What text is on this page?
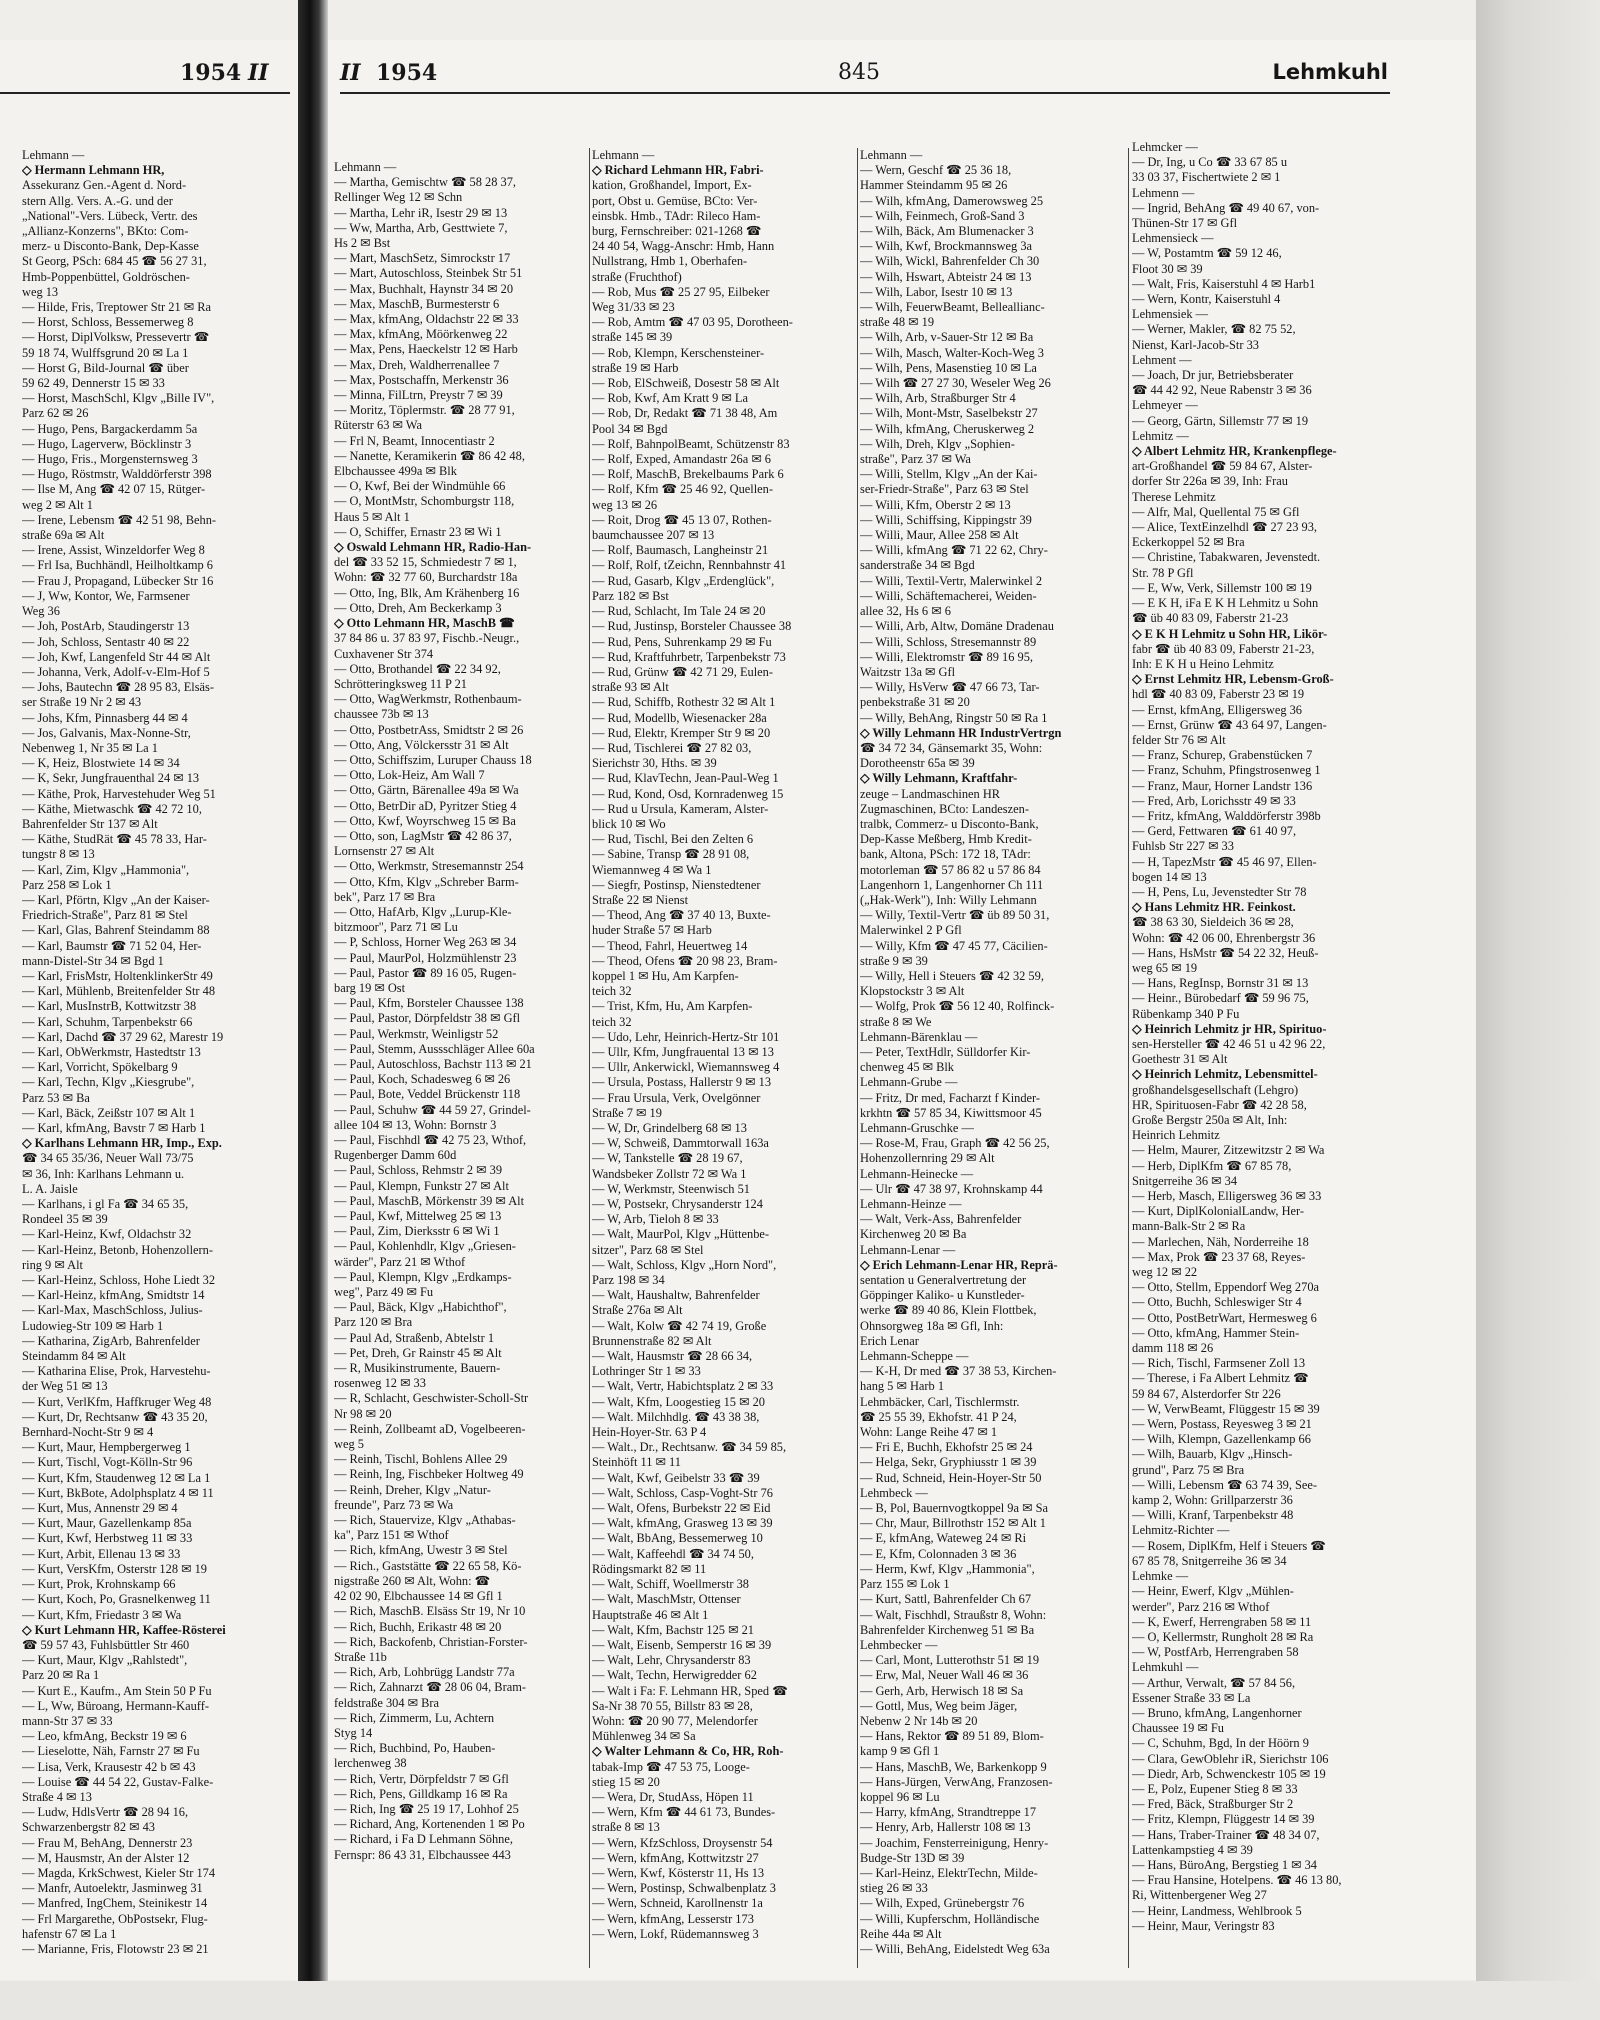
1954 II	II 1954	845	Lehmkuhl

Lehmann —

◇ Hermann Lehmann HR,

Assekuranz Gen.-Agent d. Nord-

stern Allg. Vers. A.-G. und der

„National"-Vers. Lübeck, Vertr. des

„Allianz-Konzerns", BKto: Com-

merz- u Disconto-Bank, Dep-Kasse

St Georg, PSch: 684 45 ☎ 56 27 31,

Hmb-Poppenbüttel, Goldröschen-

weg 13

— Hilde, Fris, Treptower Str 21 ✉ Ra

— Horst, Schloss, Bessemerweg 8

— Horst, DiplVolksw, Pressevertr ☎

59 18 74, Wulffsgrund 20 ✉ La 1

— Horst G, Bild-Journal ☎ über

59 62 49, Dennerstr 15 ✉ 33

— Horst, MaschSchl, Klgv „Bille IV",

Parz 62 ✉ 26

— Hugo, Pens, Bargackerdamm 5a

— Hugo, Lagerverw, Böcklinstr 3

— Hugo, Fris., Morgensternsweg 3

— Hugo, Röstmstr, Walddörferstr 398

— Ilse M, Ang ☎ 42 07 15, Rütger-

weg 2 ✉ Alt 1

— Irene, Lebensm ☎ 42 51 98, Behn-

straße 69a ✉ Alt

— Irene, Assist, Winzeldorfer Weg 8

— Frl Isa, Buchhändl, Heilholtkamp 6

— Frau J, Propagand, Lübecker Str 16

— J, Ww, Kontor, We, Farmsener

Weg 36

— Joh, PostArb, Staudingerstr 13

— Joh, Schloss, Sentastr 40 ✉ 22

— Joh, Kwf, Langenfeld Str 44 ✉ Alt

— Johanna, Verk, Adolf-v-Elm-Hof 5

— Johs, Bautechn ☎ 28 95 83, Elsäs-

ser Straße 19 Nr 2 ✉ 43

— Johs, Kfm, Pinnasberg 44 ✉ 4

— Jos, Galvanis, Max-Nonne-Str,

Nebenweg 1, Nr 35 ✉ La 1

— K, Heiz, Blostwiete 14 ✉ 34

— K, Sekr, Jungfrauenthal 24 ✉ 13

— Käthe, Prok, Harvestehuder Weg 51

— Käthe, Mietwaschk ☎ 42 72 10,

Bahrenfelder Str 137 ✉ Alt

— Käthe, StudRät ☎ 45 78 33, Har-

tungstr 8 ✉ 13

— Karl, Zim, Klgv „Hammonia",

Parz 258 ✉ Lok 1

— Karl, Pförtn, Klgv „An der Kaiser-

Friedrich-Straße", Parz 81 ✉ Stel

— Karl, Glas, Bahrenf Steindamm 88

— Karl, Baumstr ☎ 71 52 04, Her-

mann-Distel-Str 34 ✉ Bgd 1

— Karl, FrisMstr, HoltenklinkerStr 49

— Karl, Mühlenb, Breitenfelder Str 48

— Karl, MusInstrB, Kottwitzstr 38

— Karl, Schuhm, Tarpenbekstr 66

— Karl, Dachd ☎ 37 29 62, Marestr 19

— Karl, ObWerkmstr, Hastedtstr 13

— Karl, Vorricht, Spökelbarg 9

— Karl, Techn, Klgv „Kiesgrube",

Parz 53 ✉ Ba

— Karl, Bäck, Zeißstr 107 ✉ Alt 1

— Karl, kfmAng, Bavstr 7 ✉ Harb 1

◇ Karlhans Lehmann HR, Imp., Exp.

☎ 34 65 35/36, Neuer Wall 73/75

✉ 36, Inh: Karlhans Lehmann u.

L. A. Jaisle

— Karlhans, i gl Fa ☎ 34 65 35,

Rondeel 35 ✉ 39

— Karl-Heinz, Kwf, Oldachstr 32

— Karl-Heinz, Betonb, Hohenzollern-

ring 9 ✉ Alt

— Karl-Heinz, Schloss, Hohe Liedt 32

— Karl-Heinz, kfmAng, Smidtstr 14

— Karl-Max, MaschSchloss, Julius-

Ludowieg-Str 109 ✉ Harb 1

— Katharina, ZigArb, Bahrenfelder

Steindamm 84 ✉ Alt

— Katharina Elise, Prok, Harvestehu-

der Weg 51 ✉ 13

— Kurt, VerlKfm, Haffkruger Weg 48

— Kurt, Dr, Rechtsanw ☎ 43 35 20,

Bernhard-Nocht-Str 9 ✉ 4

— Kurt, Maur, Hempbergerweg 1

— Kurt, Tischl, Vogt-Kölln-Str 96

— Kurt, Kfm, Staudenweg 12 ✉ La 1

— Kurt, BkBote, Adolphsplatz 4 ✉ 11

— Kurt, Mus, Annenstr 29 ✉ 4

— Kurt, Maur, Gazellenkamp 85a

— Kurt, Kwf, Herbstweg 11 ✉ 33

— Kurt, Arbit, Ellenau 13 ✉ 33

— Kurt, VersKfm, Osterstr 128 ✉ 19

— Kurt, Prok, Krohnskamp 66

— Kurt, Koch, Po, Grasnelkenweg 11

— Kurt, Kfm, Friedastr 3 ✉ Wa

◇ Kurt Lehmann HR, Kaffee-Rösterei

☎ 59 57 43, Fuhlsbüttler Str 460

— Kurt, Maur, Klgv „Rahlstedt",

Parz 20 ✉ Ra 1

— Kurt E., Kaufm., Am Stein 50 P Fu

— L, Ww, Büroang, Hermann-Kauff-

mann-Str 37 ✉ 33

— Leo, kfmAng, Beckstr 19 ✉ 6

— Lieselotte, Näh, Farnstr 27 ✉ Fu

— Lisa, Verk, Krausestr 42 b ✉ 43

— Louise ☎ 44 54 22, Gustav-Falke-

Straße 4 ✉ 13

— Ludw, HdlsVertr ☎ 28 94 16,

Schwarzenbergstr 82 ✉ 43

— Frau M, BehAng, Dennerstr 23

— M, Hausmstr, An der Alster 12

— Magda, KrkSchwest, Kieler Str 174

— Manfr, Autoelektr, Jasminweg 31

— Manfred, IngChem, Steinikestr 14

— Frl Margarethe, ObPostsekr, Flug-

hafenstr 67 ✉ La 1

— Marianne, Fris, Flotowstr 23 ✉ 21

Lehmann —

— Martha, Gemischtw ☎ 58 28 37,

Rellinger Weg 12 ✉ Schn

— Martha, Lehr iR, Isestr 29 ✉ 13

— Ww, Martha, Arb, Gesttwiete 7,

Hs 2 ✉ Bst

— Mart, MaschSetz, Simrockstr 17

— Mart, Autoschloss, Steinbek Str 51

— Max, Buchhalt, Haynstr 34 ✉ 20

— Max, MaschB, Burmesterstr 6

— Max, kfmAng, Oldachstr 22 ✉ 33

— Max, kfmAng, Möörkenweg 22

— Max, Pens, Haeckelstr 12 ✉ Harb

— Max, Dreh, Waldherrenallee 7

— Max, Postschaffn, Merkenstr 36

— Minna, FilLtrn, Preystr 7 ✉ 39

— Moritz, Töplermstr. ☎ 28 77 91,

Rüterstr 63 ✉ Wa

— Frl N, Beamt, Innocentiastr 2

— Nanette, Keramikerin ☎ 86 42 48,

Elbchaussee 499a ✉ Blk

— O, Kwf, Bei der Windmühle 66

— O, MontMstr, Schomburgstr 118,

Haus 5 ✉ Alt 1

— O, Schiffer, Ernastr 23 ✉ Wi 1

◇ Oswald Lehmann HR, Radio-Han-

del ☎ 33 52 15, Schmiedestr 7 ✉ 1,

Wohn: ☎ 32 77 60, Burchardstr 18a

— Otto, Ing, Blk, Am Krähenberg 16

— Otto, Dreh, Am Beckerkamp 3

◇ Otto Lehmann HR, MaschB ☎

37 84 86 u. 37 83 97, Fischb.-Neugr.,

Cuxhavener Str 374

— Otto, Brothandel ☎ 22 34 92,

Schrötteringksweg 11 P 21

— Otto, WagWerkmstr, Rothenbaum-

chaussee 73b ✉ 13

— Otto, PostbetrAss, Smidtstr 2 ✉ 26

— Otto, Ang, Völckersstr 31 ✉ Alt

— Otto, Schiffszim, Luruper Chauss 18

— Otto, Lok-Heiz, Am Wall 7

— Otto, Gärtn, Bärenallee 49a ✉ Wa

— Otto, BetrDir aD, Pyritzer Stieg 4

— Otto, Kwf, Woyrschweg 15 ✉ Ba

— Otto, son, LagMstr ☎ 42 86 37,

Lornsenstr 27 ✉ Alt

— Otto, Werkmstr, Stresemannstr 254

— Otto, Kfm, Klgv „Schreber Barm-

bek", Parz 17 ✉ Bra

— Otto, HafArb, Klgv „Lurup-Kle-

bitzmoor", Parz 71 ✉ Lu

— P, Schloss, Horner Weg 263 ✉ 34

— Paul, MaurPol, Holzmühlenstr 23

— Paul, Pastor ☎ 89 16 05, Rugen-

barg 19 ✉ Ost

— Paul, Kfm, Borsteler Chaussee 138

— Paul, Pastor, Dörpfeldstr 38 ✉ Gfl

— Paul, Werkmstr, Weinligstr 52

— Paul, Stemm, Aussschläger Allee 60a

— Paul, Autoschloss, Bachstr 113 ✉ 21

— Paul, Koch, Schadesweg 6 ✉ 26

— Paul, Bote, Veddel Brückenstr 118

— Paul, Schuhw ☎ 44 59 27, Grindel-

allee 104 ✉ 13, Wohn: Bornstr 3

— Paul, Fischhdl ☎ 42 75 23, Wthof,

Rugenberger Damm 60d

— Paul, Schloss, Rehmstr 2 ✉ 39

— Paul, Klempn, Funkstr 27 ✉ Alt

— Paul, MaschB, Mörkenstr 39 ✉ Alt

— Paul, Kwf, Mittelweg 25 ✉ 13

— Paul, Zim, Dierksstr 6 ✉ Wi 1

— Paul, Kohlenhdlr, Klgv „Griesen-

wärder", Parz 21 ✉ Wthof

— Paul, Klempn, Klgv „Erdkamps-

weg", Parz 49 ✉ Fu

— Paul, Bäck, Klgv „Habichthof",

Parz 120 ✉ Bra

— Paul Ad, Straßenb, Abtelstr 1

— Pet, Dreh, Gr Rainstr 45 ✉ Alt

— R, Musikinstrumente, Bauern-

rosenweg 12 ✉ 33

— R, Schlacht, Geschwister-Scholl-Str

Nr 98 ✉ 20

— Reinh, Zollbeamt aD, Vogelbeeren-

weg 5

— Reinh, Tischl, Bohlens Allee 29

— Reinh, Ing, Fischbeker Holtweg 49

— Reinh, Dreher, Klgv „Natur-

freunde", Parz 73 ✉ Wa

— Rich, Stauervize, Klgv „Athabas-

ka", Parz 151 ✉ Wthof

— Rich, kfmAng, Uwestr 3 ✉ Stel

— Rich., Gaststätte ☎ 22 65 58, Kö-

nigstraße 260 ✉ Alt, Wohn: ☎

42 02 90, Elbchaussee 14 ✉ Gfl 1

— Rich, MaschB. Elsäss Str 19, Nr 10

— Rich, Buchh, Erikastr 48 ✉ 20

— Rich, Backofenb, Christian-Forster-

Straße 11b

— Rich, Arb, Lohbrügg Landstr 77a

— Rich, Zahnarzt ☎ 28 06 04, Bram-

feldstraße 304 ✉ Bra

— Rich, Zimmerm, Lu, Achtern

Styg 14

— Rich, Buchbind, Po, Hauben-

lerchenweg 38

— Rich, Vertr, Dörpfeldstr 7 ✉ Gfl

— Rich, Pens, Gilldkamp 16 ✉ Ra

— Rich, Ing ☎ 25 19 17, Lohhof 25

— Richard, Ang, Kortenenden 1 ✉ Po

— Richard, i Fa D Lehmann Söhne,

Fernspr: 86 43 31, Elbchaussee 443

Lehmann —

◇ Richard Lehmann HR, Fabri-

kation, Großhandel, Import, Ex-

port, Obst u. Gemüse, BCto: Ver-

einsbk. Hmb., TAdr: Rileco Ham-

burg, Fernschreiber: 021-1268 ☎

24 40 54, Wagg-Anschr: Hmb, Hann

Nullstrang, Hmb 1, Oberhafen-

straße (Fruchthof)

— Rob, Mus ☎ 25 27 95, Eilbeker

Weg 31/33 ✉ 23

— Rob, Amtm ☎ 47 03 95, Dorotheen-

straße 145 ✉ 39

— Rob, Klempn, Kerschensteiner-

straße 19 ✉ Harb

— Rob, ElSchweiß, Dosestr 58 ✉ Alt

— Rob, Kwf, Am Kratt 9 ✉ La

— Rob, Dr, Redakt ☎ 71 38 48, Am

Pool 34 ✉ Bgd

— Rolf, BahnpolBeamt, Schützenstr 83

— Rolf, Exped, Amandastr 26a ✉ 6

— Rolf, MaschB, Brekelbaums Park 6

— Rolf, Kfm ☎ 25 46 92, Quellen-

weg 13 ✉ 26

— Roit, Drog ☎ 45 13 07, Rothen-

baumchaussee 207 ✉ 13

— Rolf, Baumasch, Langheinstr 21

— Rolf, Rolf, tZeichn, Rennbahnstr 41

— Rud, Gasarb, Klgv „Erdenglück",

Parz 182 ✉ Bst

— Rud, Schlacht, Im Tale 24 ✉ 20

— Rud, Justinsp, Borsteler Chaussee 38

— Rud, Pens, Suhrenkamp 29 ✉ Fu

— Rud, Kraftfuhrbetr, Tarpenbekstr 73

— Rud, Grünw ☎ 42 71 29, Eulen-

straße 93 ✉ Alt

— Rud, Schiffb, Rothestr 32 ✉ Alt 1

— Rud, Modellb, Wiesenacker 28a

— Rud, Elektr, Kremper Str 9 ✉ 20

— Rud, Tischlerei ☎ 27 82 03,

Sierichstr 30, Hths. ✉ 39

— Rud, KlavTechn, Jean-Paul-Weg 1

— Rud, Kond, Osd, Kornradenweg 15

— Rud u Ursula, Kameram, Alster-

blick 10 ✉ Wo

— Rud, Tischl, Bei den Zelten 6

— Sabine, Transp ☎ 28 91 08,

Wiemannweg 4 ✉ Wa 1

— Siegfr, Postinsp, Nienstedtener

Straße 22 ✉ Nienst

— Theod, Ang ☎ 37 40 13, Buxte-

huder Straße 57 ✉ Harb

— Theod, Fahrl, Heuertweg 14

— Theod, Ofens ☎ 20 98 23, Bram-

koppel 1 ✉ Hu, Am Karpfen-

teich 32

— Trist, Kfm, Hu, Am Karpfen-

teich 32

— Udo, Lehr, Heinrich-Hertz-Str 101

— Ullr, Kfm, Jungfrauental 13 ✉ 13

— Ullr, Ankerwickl, Wiemannsweg 4

— Ursula, Postass, Hallerstr 9 ✉ 13

— Frau Ursula, Verk, Ovelgönner

Straße 7 ✉ 19

— W, Dr, Grindelberg 68 ✉ 13

— W, Schweiß, Dammtorwall 163a

— W, Tankstelle ☎ 28 19 67,

Wandsbeker Zollstr 72 ✉ Wa 1

— W, Werkmstr, Steenwisch 51

— W, Postsekr, Chrysanderstr 124

— W, Arb, Tieloh 8 ✉ 33

— Walt, MaurPol, Klgv „Hüttenbe-

sitzer", Parz 68 ✉ Stel

— Walt, Schloss, Klgv „Horn Nord",

Parz 198 ✉ 34

— Walt, Haushaltw, Bahrenfelder

Straße 276a ✉ Alt

— Walt, Kolw ☎ 42 74 19, Große

Brunnenstraße 82 ✉ Alt

— Walt, Hausmstr ☎ 28 66 34,

Lothringer Str 1 ✉ 33

— Walt, Vertr, Habichtsplatz 2 ✉ 33

— Walt, Kfm, Loogestieg 15 ✉ 20

— Walt. Milchhdlg. ☎ 43 38 38,

Hein-Hoyer-Str. 63 P 4

— Walt., Dr., Rechtsanw. ☎ 34 59 85,

Steinhöft 11 ✉ 11

— Walt, Kwf, Geibelstr 33 ☎ 39

— Walt, Schloss, Casp-Voght-Str 76

— Walt, Ofens, Burbekstr 22 ✉ Eid

— Walt, kfmAng, Grasweg 13 ✉ 39

— Walt, BbAng, Bessemerweg 10

— Walt, Kaffeehdl ☎ 34 74 50,

Rödingsmarkt 82 ✉ 11

— Walt, Schiff, Woellmerstr 38

— Walt, MaschMstr, Ottenser

Hauptstraße 46 ✉ Alt 1

— Walt, Kfm, Bachstr 125 ✉ 21

— Walt, Eisenb, Semperstr 16 ✉ 39

— Walt, Lehr, Chrysanderstr 83

— Walt, Techn, Herwigredder 62

— Walt i Fa: F. Lehmann HR, Sped ☎

Sa-Nr 38 70 55, Billstr 83 ✉ 28,

Wohn: ☎ 20 90 77, Melendorfer

Mühlenweg 34 ✉ Sa

◇ Walter Lehmann & Co, HR, Roh-

tabak-Imp ☎ 47 53 75, Looge-

stieg 15 ✉ 20

— Wera, Dr, StudAss, Höpen 11

— Wern, Kfm ☎ 44 61 73, Bundes-

straße 8 ✉ 13

— Wern, KfzSchloss, Droysenstr 54

— Wern, kfmAng, Kottwitzstr 27

— Wern, Kwf, Kösterstr 11, Hs 13

— Wern, Postinsp, Schwalbenplatz 3

— Wern, Schneid, Karollnenstr 1a

— Wern, kfmAng, Lesserstr 173

— Wern, Lokf, Rüdemannsweg 3

Lehmann —

— Wern, Geschf ☎ 25 36 18,

Hammer Steindamm 95 ✉ 26

— Wilh, kfmAng, Damerowsweg 25

— Wilh, Feinmech, Groß-Sand 3

— Wilh, Bäck, Am Blumenacker 3

— Wilh, Kwf, Brockmannsweg 3a

— Wilh, Wickl, Bahrenfelder Ch 30

— Wilh, Hswart, Abteistr 24 ✉ 13

— Wilh, Labor, Isestr 10 ✉ 13

— Wilh, FeuerwBeamt, Belleallianc-

straße 48 ✉ 19

— Wilh, Arb, v-Sauer-Str 12 ✉ Ba

— Wilh, Masch, Walter-Koch-Weg 3

— Wilh, Pens, Masenstieg 10 ✉ La

— Wilh ☎ 27 27 30, Weseler Weg 26

— Wilh, Arb, Straßburger Str 4

— Wilh, Mont-Mstr, Saselbekstr 27

— Wilh, kfmAng, Cheruskerweg 2

— Wilh, Dreh, Klgv „Sophien-

straße", Parz 37 ✉ Wa

— Willi, Stellm, Klgv „An der Kai-

ser-Friedr-Straße", Parz 63 ✉ Stel

— Willi, Kfm, Oberstr 2 ✉ 13

— Willi, Schiffsing, Kippingstr 39

— Willi, Maur, Allee 258 ✉ Alt

— Willi, kfmAng ☎ 71 22 62, Chry-

sanderstraße 34 ✉ Bgd

— Willi, Textil-Vertr, Malerwinkel 2

— Willi, Schäftemacherei, Weiden-

allee 32, Hs 6 ✉ 6

— Willi, Arb, Altw, Domäne Dradenau

— Willi, Schloss, Stresemannstr 89

— Willi, Elektromstr ☎ 89 16 95,

Waitzstr 13a ✉ Gfl

— Willy, HsVerw ☎ 47 66 73, Tar-

penbekstraße 31 ✉ 20

— Willy, BehAng, Ringstr 50 ✉ Ra 1

◇ Willy Lehmann HR IndustrVertrgn

☎ 34 72 34, Gänsemarkt 35, Wohn:

Dorotheenstr 65a ✉ 39

◇ Willy Lehmann, Kraftfahr-

zeuge – Landmaschinen HR

Zugmaschinen, BCto: Landeszen-

tralbk, Commerz- u Disconto-Bank,

Dep-Kasse Meßberg, Hmb Kredit-

bank, Altona, PSch: 172 18, TAdr:

motorleman ☎ 57 86 82 u 57 86 84

Langenhorn 1, Langenhorner Ch 111

(„Hak-Werk"), Inh: Willy Lehmann

— Willy, Textil-Vertr ☎ üb 89 50 31,

Malerwinkel 2 P Gfl

— Willy, Kfm ☎ 47 45 77, Cäcilien-

straße 9 ✉ 39

— Willy, Hell i Steuers ☎ 42 32 59,

Klopstockstr 3 ✉ Alt

— Wolfg, Prok ☎ 56 12 40, Rolfinck-

straße 8 ✉ We

Lehmann-Bärenklau —

— Peter, TextHdlr, Sülldorfer Kir-

chenweg 45 ✉ Blk

Lehmann-Grube —

— Fritz, Dr med, Facharzt f Kinder-

krkhtn ☎ 57 85 34, Kiwittsmoor 45

Lehmann-Gruschke —

— Rose-M, Frau, Graph ☎ 42 56 25,

Hohenzollernring 29 ✉ Alt

Lehmann-Heinecke —

— Ulr ☎ 47 38 97, Krohnskamp 44

Lehmann-Heinze —

— Walt, Verk-Ass, Bahrenfelder

Kirchenweg 20 ✉ Ba

Lehmann-Lenar —

◇ Erich Lehmann-Lenar HR, Reprä-

sentation u Generalvertretung der

Göppinger Kaliko- u Kunstleder-

werke ☎ 89 40 86, Klein Flottbek,

Ohnsorgweg 18a ✉ Gfl, Inh:

Erich Lenar

Lehmann-Scheppe —

— K-H, Dr med ☎ 37 38 53, Kirchen-

hang 5 ✉ Harb 1

Lehmbäcker, Carl, Tischlermstr.

☎ 25 55 39, Ekhofstr. 41 P 24,

Wohn: Lange Reihe 47 ✉ 1

— Fri E, Buchh, Ekhofstr 25 ✉ 24

— Helga, Sekr, Gryphiusstr 1 ✉ 39

— Rud, Schneid, Hein-Hoyer-Str 50

Lehmbeck —

— B, Pol, Bauernvogtkoppel 9a ✉ Sa

— Chr, Maur, Billrothstr 152 ✉ Alt 1

— E, kfmAng, Wateweg 24 ✉ Ri

— E, Kfm, Colonnaden 3 ✉ 36

— Herm, Kwf, Klgv „Hammonia",

Parz 155 ✉ Lok 1

— Kurt, Sattl, Bahrenfelder Ch 67

— Walt, Fischhdl, Straußstr 8, Wohn:

Bahrenfelder Kirchenweg 51 ✉ Ba

Lehmbecker —

— Carl, Mont, Lutterothstr 51 ✉ 19

— Erw, Mal, Neuer Wall 46 ✉ 36

— Gerh, Arb, Herwisch 18 ✉ Sa

— Gottl, Mus, Weg beim Jäger,

Nebenw 2 Nr 14b ✉ 20

— Hans, Rektor ☎ 89 51 89, Blom-

kamp 9 ✉ Gfl 1

— Hans, MaschB, We, Barkenkopp 9

— Hans-Jürgen, VerwAng, Franzosen-

koppel 96 ✉ Lu

— Harry, kfmAng, Strandtreppe 17

— Henry, Arb, Hallerstr 108 ✉ 13

— Joachim, Fensterreinigung, Henry-

Budge-Str 13D ✉ 39

— Karl-Heinz, ElektrTechn, Milde-

stieg 26 ✉ 33

— Wilh, Exped, Grünebergstr 76

— Willi, Kupferschm, Holländische

Reihe 44a ✉ Alt

— Willi, BehAng, Eidelstedt Weg 63a

Lehmcker —

— Dr, Ing, u Co ☎ 33 67 85 u

33 03 37, Fischertwiete 2 ✉ 1

Lehmenn —

— Ingrid, BehAng ☎ 49 40 67, von-

Thünen-Str 17 ✉ Gfl

Lehmensieck —

— W, Postamtm ☎ 59 12 46,

Floot 30 ✉ 39

— Walt, Fris, Kaiserstuhl 4 ✉ Harb1

— Wern, Kontr, Kaiserstuhl 4

Lehmensiek —

— Werner, Makler, ☎ 82 75 52,

Nienst, Karl-Jacob-Str 33

Lehment —

— Joach, Dr jur, Betriebsberater

☎ 44 42 92, Neue Rabenstr 3 ✉ 36

Lehmeyer —

— Georg, Gärtn, Sillemstr 77 ✉ 19

Lehmitz —

◇ Albert Lehmitz HR, Krankenpflege-

art-Großhandel ☎ 59 84 67, Alster-

dorfer Str 226a ✉ 39, Inh: Frau

Therese Lehmitz

— Alfr, Mal, Quellental 75 ✉ Gfl

— Alice, TextEinzelhdl ☎ 27 23 93,

Eckerkoppel 52 ✉ Bra

— Christine, Tabakwaren, Jevenstedt.

Str. 78 P Gfl

— E, Ww, Verk, Sillemstr 100 ✉ 19

— E K H, iFa E K H Lehmitz u Sohn

☎ üb 40 83 09, Faberstr 21-23

◇ E K H Lehmitz u Sohn HR, Likör-

fabr ☎ üb 40 83 09, Faberstr 21-23,

Inh: E K H u Heino Lehmitz

◇ Ernst Lehmitz HR, Lebensm-Groß-

hdl ☎ 40 83 09, Faberstr 23 ✉ 19

— Ernst, kfmAng, Elligersweg 36

— Ernst, Grünw ☎ 43 64 97, Langen-

felder Str 76 ✉ Alt

— Franz, Schurep, Grabenstücken 7

— Franz, Schuhm, Pfingstrosenweg 1

— Franz, Maur, Horner Landstr 136

— Fred, Arb, Lorichsstr 49 ✉ 33

— Fritz, kfmAng, Walddörferstr 398b

— Gerd, Fettwaren ☎ 61 40 97,

Fuhlsb Str 227 ✉ 33

— H, TapezMstr ☎ 45 46 97, Ellen-

bogen 14 ✉ 13

— H, Pens, Lu, Jevenstedter Str 78

◇ Hans Lehmitz HR. Feinkost.

☎ 38 63 30, Sieldeich 36 ✉ 28,

Wohn: ☎ 42 06 00, Ehrenbergstr 36

— Hans, HsMstr ☎ 54 22 32, Heuß-

weg 65 ✉ 19

— Hans, RegInsp, Bornstr 31 ✉ 13

— Heinr., Bürobedarf ☎ 59 96 75,

Rübenkamp 340 P Fu

◇ Heinrich Lehmitz jr HR, Spirituo-

sen-Hersteller ☎ 42 46 51 u 42 96 22,

Goethestr 31 ✉ Alt

◇ Heinrich Lehmitz, Lebensmittel-

großhandelsgesellschaft (Lehgro)

HR, Spirituosen-Fabr ☎ 42 28 58,

Große Bergstr 250a ✉ Alt, Inh:

Heinrich Lehmitz

— Helm, Maurer, Zitzewitzstr 2 ✉ Wa

— Herb, DiplKfm ☎ 67 85 78,

Snitgerreihe 36 ✉ 34

— Herb, Masch, Elligersweg 36 ✉ 33

— Kurt, DiplKolonialLandw, Her-

mann-Balk-Str 2 ✉ Ra

— Marlechen, Näh, Norderreihe 18

— Max, Prok ☎ 23 37 68, Reyes-

weg 12 ✉ 22

— Otto, Stellm, Eppendorf Weg 270a

— Otto, Buchh, Schleswiger Str 4

— Otto, PostBetrWart, Hermesweg 6

— Otto, kfmAng, Hammer Stein-

damm 118 ✉ 26

— Rich, Tischl, Farmsener Zoll 13

— Therese, i Fa Albert Lehmitz ☎

59 84 67, Alsterdorfer Str 226

— W, VerwBeamt, Flüggestr 15 ✉ 39

— Wern, Postass, Reyesweg 3 ✉ 21

— Wilh, Klempn, Gazellenkamp 66

— Wilh, Bauarb, Klgv „Hinsch-

grund", Parz 75 ✉ Bra

— Willi, Lebensm ☎ 63 74 39, See-

kamp 2, Wohn: Grillparzerstr 36

— Willi, Kranf, Tarpenbekstr 48

Lehmitz-Richter —

— Rosem, DiplKfm, Helf i Steuers ☎

67 85 78, Snitgerreihe 36 ✉ 34

Lehmke —

— Heinr, Ewerf, Klgv „Mühlen-

werder", Parz 216 ✉ Wthof

— K, Ewerf, Herrengraben 58 ✉ 11

— O, Kellermstr, Rungholt 28 ✉ Ra

— W, PostfArb, Herrengraben 58

Lehmkuhl —

— Arthur, Verwalt, ☎ 57 84 56,

Essener Straße 33 ✉ La

— Bruno, kfmAng, Langenhorner

Chaussee 19 ✉ Fu

— C, Schuhm, Bgd, In der Höörn 9

— Clara, GewOblehr iR, Sierichstr 106

— Diedr, Arb, Schwenckestr 105 ✉ 19

— E, Polz, Eupener Stieg 8 ✉ 33

— Fred, Bäck, Straßburger Str 2

— Fritz, Klempn, Flüggestr 14 ✉ 39

— Hans, Traber-Trainer ☎ 48 34 07,

Lattenkampstieg 4 ✉ 39

— Hans, BüroAng, Bergstieg 1 ✉ 34

— Frau Hansine, Hotelpens. ☎ 46 13 80,

Ri, Wittenbergener Weg 27

— Heinr, Landmess, Wehlbrook 5

— Heinr, Maur, Veringstr 83
